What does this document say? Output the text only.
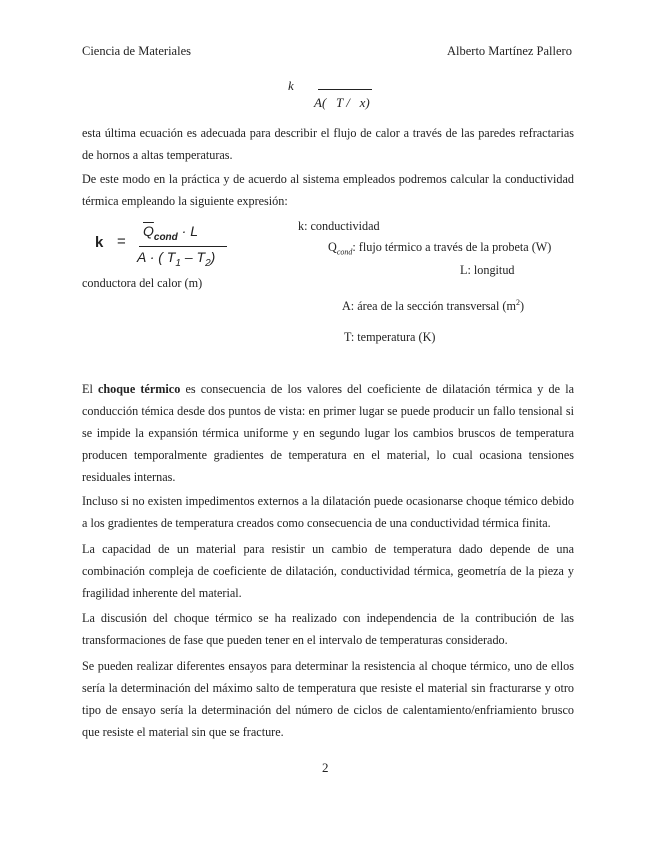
Ciencia de Materiales	Alberto Martínez Pallero
k
A(   T /   x)

esta última ecuación es adecuada para describir el flujo de calor a través de las paredes refractarias de hornos a altas temperaturas.

De este modo en la práctica y de acuerdo al sistema empleados podremos calcular la conductividad térmica empleando la siguiente expresión:

k =
$\overline{Q}_{cond} \cdot L$
A · ( $T_1 - T_2$)
k: conductividad
$Q_{cond}$: flujo térmico a través de la probeta (W)
L: longitud
conductora del calor (m)
A: área de la sección transversal $(m^2)$
T: temperatura (K)

El choque térmico es consecuencia de los valores del coeficiente de dilatación térmica y de la conducción témica desde dos puntos de vista: en primer lugar se puede producir un fallo tensional si se impide la expansión térmica uniforme y en segundo lugar los cambios bruscos de temperatura producen temporalmente gradientes de temperatura en el material, lo cual ocasiona tensiones residuales internas.

Incluso si no existen impedimentos externos a la dilatación puede ocasionarse choque témico debido a los gradientes de temperatura creados como consecuencia de una conductividad térmica finita.

La capacidad de un material para resistir un cambio de temperatura dado depende de una combinación compleja de coeficiente de dilatación, conductividad térmica, geometría de la pieza y fragilidad inherente del material.

La discusión del choque térmico se ha realizado con independencia de la contribución de las transformaciones de fase que pueden tener en el intervalo de temperaturas considerado.

Se pueden realizar diferentes ensayos para determinar la resistencia al choque térmico, uno de ellos sería la determinación del máximo salto de temperatura que resiste el material sin fracturarse y otro tipo de ensayo sería la determinación del número de ciclos de calentamiento/enfriamiento brusco que resiste el material sin que se fracture.

2
